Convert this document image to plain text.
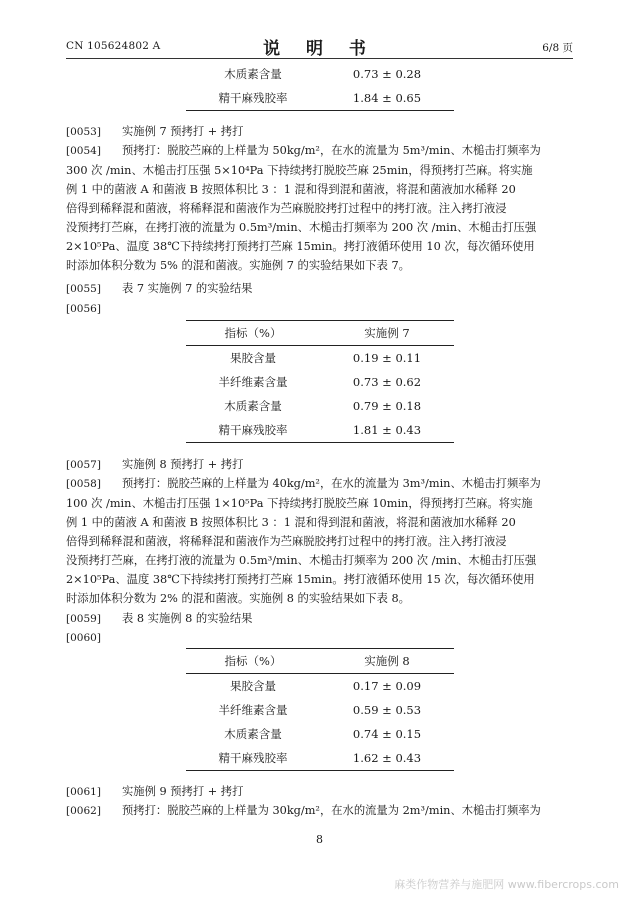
CN 105624802 A	说 明 书	6/8 页
木质素含量	0.73 ± 0.28
精干麻残胶率	1.84 ± 0.65
[0053] 实施例 7 预拷打 + 拷打
[0054] 预拷打：脱胶苎麻的上样量为 50kg/m²，在水的流量为 5m³/min、木槌击打频率为
300 次 /min、木槌击打压强 5×10⁴Pa 下持续拷打脱胶苎麻 25min，得预拷打苎麻。将实施
例 1 中的菌液 A 和菌液 B 按照体积比 3 ：1 混和得到混和菌液，将混和菌液加水稀释 20
倍得到稀释混和菌液，将稀释混和菌液作为苎麻脱胶拷打过程中的拷打液。注入拷打液浸
没预拷打苎麻，在拷打液的流量为 0.5m³/min、木槌击打频率为 200 次 /min、木槌击打压强
2×10⁵Pa、温度 38℃下持续拷打预拷打苎麻 15min。拷打液循环使用 10 次，每次循环使用
时添加体积分数为 5% 的混和菌液。实施例 7 的实验结果如下表 7。
[0055] 表 7 实施例 7 的实验结果
[0056]
指标（%）	实施例 7
果胶含量	0.19 ± 0.11
半纤维素含量	0.73 ± 0.62
木质素含量	0.79 ± 0.18
精干麻残胶率	1.81 ± 0.43
[0057] 实施例 8 预拷打 + 拷打
[0058] 预拷打：脱胶苎麻的上样量为 40kg/m²，在水的流量为 3m³/min、木槌击打频率为
100 次 /min、木槌击打压强 1×10⁵Pa 下持续拷打脱胶苎麻 10min，得预拷打苎麻。将实施
例 1 中的菌液 A 和菌液 B 按照体积比 3 ：1 混和得到混和菌液，将混和菌液加水稀释 20
倍得到稀释混和菌液，将稀释混和菌液作为苎麻脱胶拷打过程中的拷打液。注入拷打液浸
没预拷打苎麻，在拷打液的流量为 0.5m³/min、木槌击打频率为 200 次 /min、木槌击打压强
2×10⁵Pa、温度 38℃下持续拷打预拷打苎麻 15min。拷打液循环使用 15 次，每次循环使用
时添加体积分数为 2% 的混和菌液。实施例 8 的实验结果如下表 8。
[0059] 表 8 实施例 8 的实验结果
[0060]
指标（%）	实施例 8
果胶含量	0.17 ± 0.09
半纤维素含量	0.59 ± 0.53
木质素含量	0.74 ± 0.15
精干麻残胶率	1.62 ± 0.43
[0061] 实施例 9 预拷打 + 拷打
[0062] 预拷打：脱胶苎麻的上样量为 30kg/m²，在水的流量为 2m³/min、木槌击打频率为
8
麻类作物营养与施肥网 www.fibercrops.com
